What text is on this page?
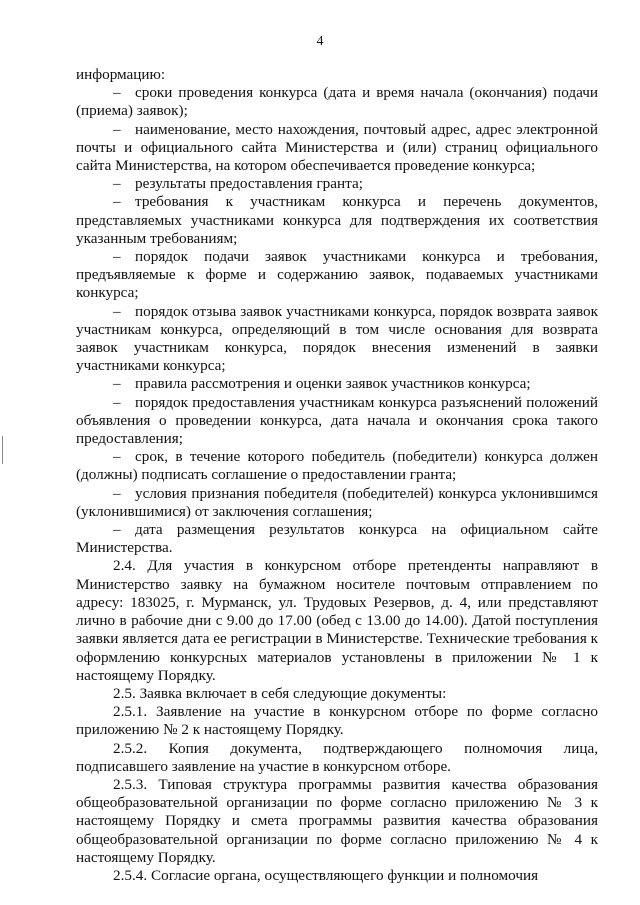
4

информацию:

– сроки проведения конкурса (дата и время начала (окончания) подачи (приема) заявок);

– наименование, место нахождения, почтовый адрес, адрес электронной почты и официального сайта Министерства и (или) страниц официального сайта Министерства, на котором обеспечивается проведение конкурса;

– результаты предоставления гранта;

– требования к участникам конкурса и перечень документов, представляемых участниками конкурса для подтверждения их соответствия указанным требованиям;

– порядок подачи заявок участниками конкурса и требования, предъявляемые к форме и содержанию заявок, подаваемых участниками конкурса;

– порядок отзыва заявок участниками конкурса, порядок возврата заявок участникам конкурса, определяющий в том числе основания для возврата заявок участникам конкурса, порядок внесения изменений в заявки участниками конкурса;

– правила рассмотрения и оценки заявок участников конкурса;

– порядок предоставления участникам конкурса разъяснений положений объявления о проведении конкурса, дата начала и окончания срока такого предоставления;

– срок, в течение которого победитель (победители) конкурса должен (должны) подписать соглашение о предоставлении гранта;

– условия признания победителя (победителей) конкурса уклонившимся (уклонившимися) от заключения соглашения;

– дата размещения результатов конкурса на официальном сайте Министерства.

2.4. Для участия в конкурсном отборе претенденты направляют в Министерство заявку на бумажном носителе почтовым отправлением по адресу: 183025, г. Мурманск, ул. Трудовых Резервов, д. 4, или представляют лично в рабочие дни с 9.00 до 17.00 (обед с 13.00 до 14.00). Датой поступления заявки является дата ее регистрации в Министерстве. Технические требования к оформлению конкурсных материалов установлены в приложении № 1 к настоящему Порядку.

2.5. Заявка включает в себя следующие документы:

2.5.1. Заявление на участие в конкурсном отборе по форме согласно приложению № 2 к настоящему Порядку.

2.5.2. Копия документа, подтверждающего полномочия лица, подписавшего заявление на участие в конкурсном отборе.

2.5.3. Типовая структура программы развития качества образования общеобразовательной организации по форме согласно приложению № 3 к настоящему Порядку и смета программы развития качества образования общеобразовательной организации по форме согласно приложению № 4 к настоящему Порядку.

2.5.4. Согласие органа, осуществляющего функции и полномочия
